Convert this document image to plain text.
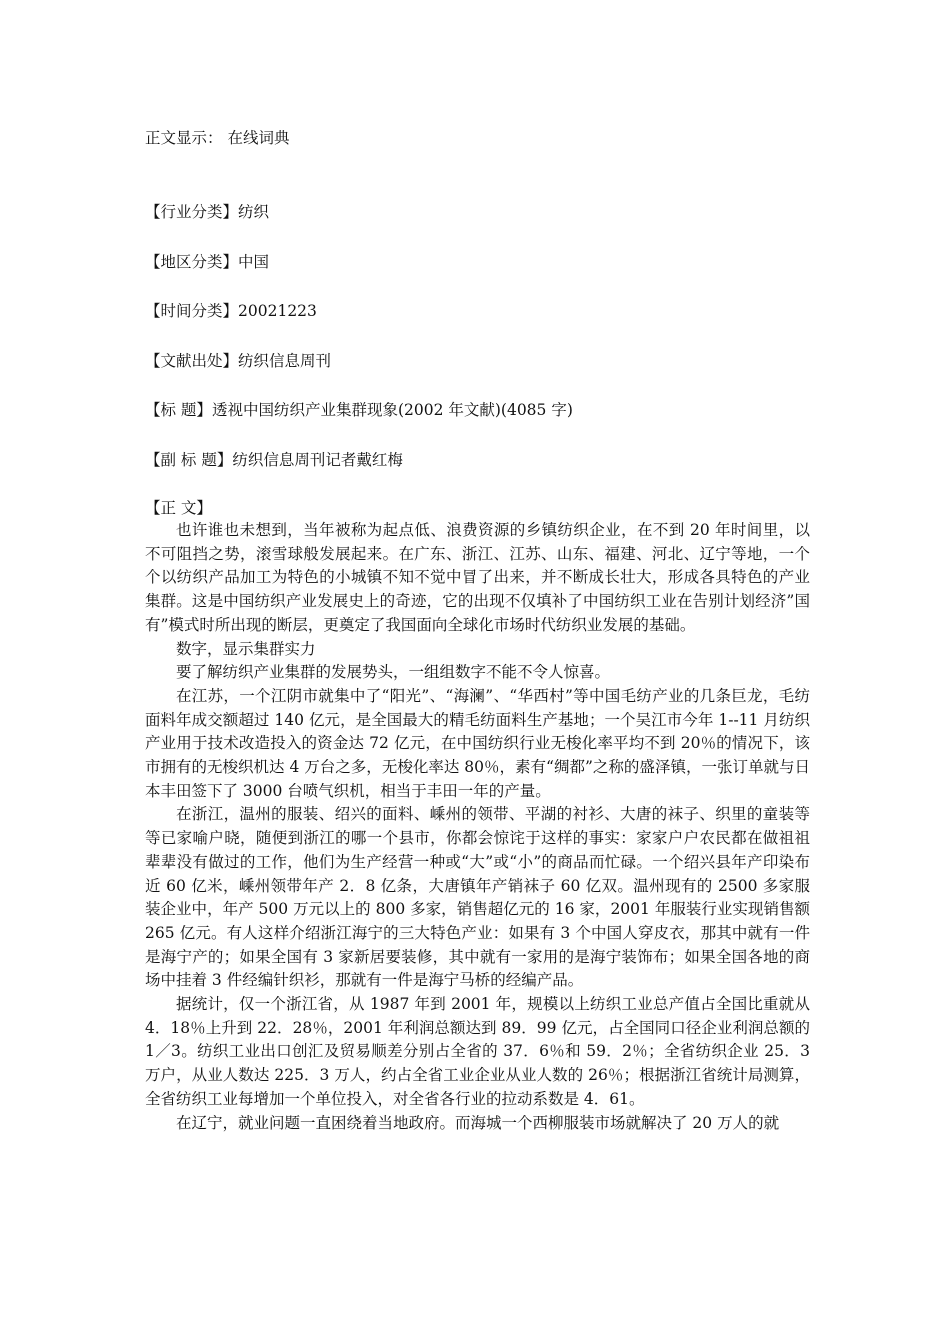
正文显示： 在线词典
【行业分类】纺织
【地区分类】中国
【时间分类】20021223
【文献出处】纺织信息周刊
【标 题】透视中国纺织产业集群现象(2002 年文献)(4085 字)
【副 标 题】纺织信息周刊记者戴红梅
【正 文】

也许谁也未想到，当年被称为起点低、浪费资源的乡镇纺织企业，在不到 20 年时间里，以不可阻挡之势，滚雪球般发展起来。在广东、浙江、江苏、山东、福建、河北、辽宁等地，一个个以纺织产品加工为特色的小城镇不知不觉中冒了出来，并不断成长壮大，形成各具特色的产业集群。这是中国纺织产业发展史上的奇迹，它的出现不仅填补了中国纺织工业在告别计划经济”国有”模式时所出现的断层，更奠定了我国面向全球化市场时代纺织业发展的基础。

数字，显示集群实力

要了解纺织产业集群的发展势头，一组组数字不能不令人惊喜。

在江苏，一个江阴市就集中了“阳光”、“海澜”、“华西村”等中国毛纺产业的几条巨龙，毛纺面料年成交额超过 140 亿元，是全国最大的精毛纺面料生产基地；一个吴江市今年 1--11 月纺织产业用于技术改造投入的资金达 72 亿元，在中国纺织行业无梭化率平均不到 20％的情况下，该市拥有的无梭织机达 4 万台之多，无梭化率达 80％，素有“绸都”之称的盛泽镇，一张订单就与日本丰田签下了 3000 台喷气织机，相当于丰田一年的产量。

在浙江，温州的服装、绍兴的面料、嵊州的领带、平湖的衬衫、大唐的袜子、织里的童装等等已家喻户晓，随便到浙江的哪一个县市，你都会惊诧于这样的事实：家家户户农民都在做祖祖辈辈没有做过的工作，他们为生产经营一种或“大”或“小”的商品而忙碌。一个绍兴县年产印染布近 60 亿米，嵊州领带年产 2．8 亿条，大唐镇年产销袜子 60 亿双。温州现有的 2500 多家服装企业中，年产 500 万元以上的 800 多家，销售超亿元的 16 家，2001 年服装行业实现销售额 265 亿元。有人这样介绍浙江海宁的三大特色产业：如果有 3 个中国人穿皮衣，那其中就有一件是海宁产的；如果全国有 3 家新居要装修，其中就有一家用的是海宁装饰布；如果全国各地的商场中挂着 3 件经编针织衫，那就有一件是海宁马桥的经编产品。

据统计，仅一个浙江省，从 1987 年到 2001 年，规模以上纺织工业总产值占全国比重就从 4．18％上升到 22．28％，2001 年利润总额达到 89．99 亿元，占全国同口径企业利润总额的 1／3。纺织工业出口创汇及贸易顺差分别占全省的 37．6％和 59．2％；全省纺织企业 25．3 万户，从业人数达 225．3 万人，约占全省工业企业从业人数的 26％；根据浙江省统计局测算，全省纺织工业每增加一个单位投入，对全省各行业的拉动系数是 4．61。

在辽宁，就业问题一直困绕着当地政府。而海城一个西柳服装市场就解决了 20 万人的就
